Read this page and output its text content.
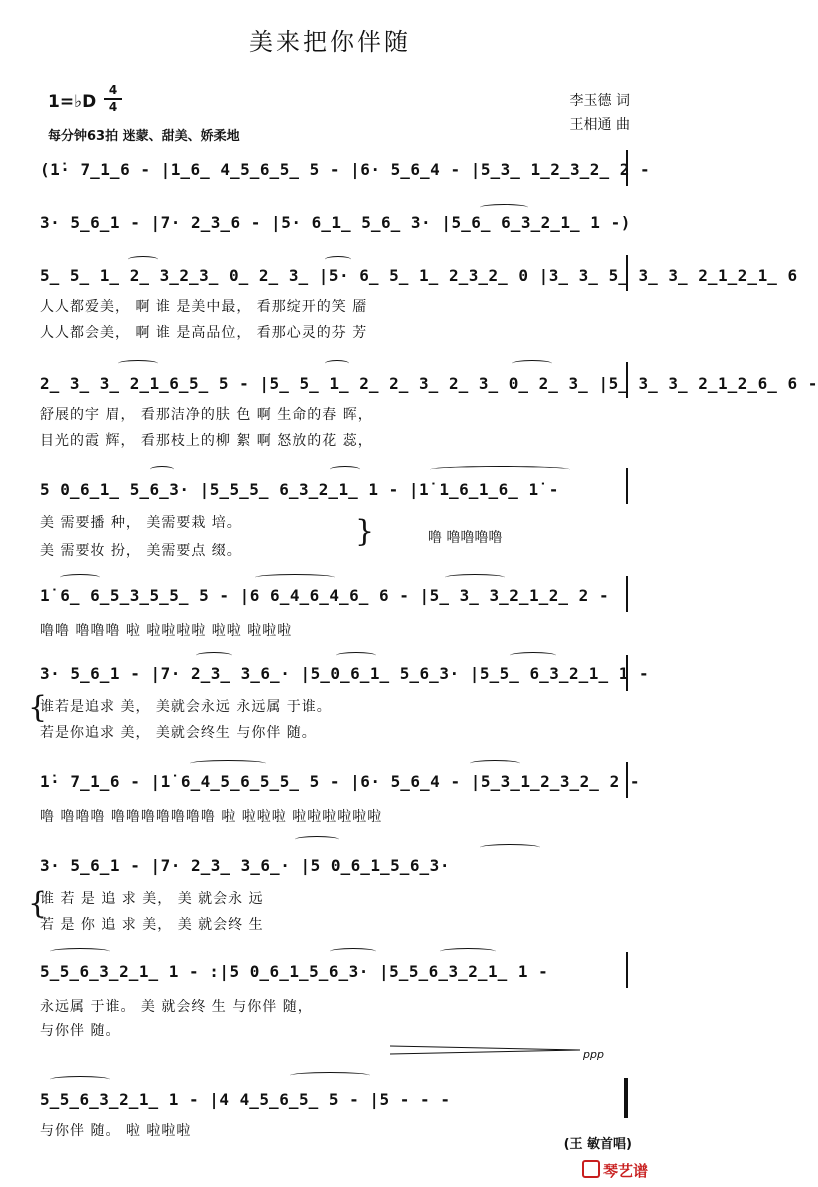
美来把你伴随
1=♭D
4
4
每分钟63拍 迷蒙、甜美、娇柔地
李玉德 词
王相通 曲
(1̇· 7̲1̲6 - |1̲6̲ 4̲5̲6̲5̲ 5 - |6· 5̲6̲4 - |5̲3̲ 1̲2̲3̲2̲ 2 -
3· 5̲6̲1 - |7· 2̲3̲6 - |5· 6̲1̲ 5̲6̲ 3· |5̲6̲ 6̲3̲2̲1̲ 1 -)
5̲ 5̲ 1̲ 2̲ 3̲2̲3̲ 0̲ 2̲ 3̲ |5· 6̲ 5̲ 1̲ 2̲3̲2̲ 0 |3̲ 3̲ 5̲ 3̲ 3̲ 2̲1̲2̲1̲ 6
人人都爱美， 啊 谁 是美中最， 看那绽开的笑 靥
人人都会美， 啊 谁 是高品位， 看那心灵的芬 芳
2̲ 3̲ 3̲ 2̲1̲6̲5̲ 5 - |5̲ 5̲ 1̲ 2̲ 2̲ 3̲ 2̲ 3̲ 0̲ 2̲ 3̲ |5̲ 3̲ 3̲ 2̲1̲2̲6̲ 6 -
舒展的宇 眉， 看那洁净的肤 色 啊 生命的春 晖，
目光的霞 辉， 看那枝上的柳 絮 啊 怒放的花 蕊，
5 0̲6̲1̲ 5̲6̲3· |5̲5̲5̲ 6̲3̲2̲1̲ 1 - |1̇ 1̲6̲1̲6̲ 1̇ -
美 需要播 种， 美需要栽 培。
美 需要妆 扮， 美需要点 缀。
}	噜 噜噜噜噜
1̇ 6̲ 6̲5̲3̲5̲5̲ 5 - |6 6̲4̲6̲4̲6̲ 6 - |5̲ 3̲ 3̲2̲1̲2̲ 2 -
噜噜 噜噜噜 啦 啦啦啦啦 啦啦 啦啦啦
3· 5̲6̲1 - |7· 2̲3̲ 3̲6̲· |5̲0̲6̲1̲ 5̲6̲3· |5̲5̲ 6̲3̲2̲1̲ 1 -
{
谁若是追求 美， 美就会永远 永远属 于谁。
若是你追求 美， 美就会终生 与你伴 随。
1̇· 7̲1̲6 - |1̇ 6̲4̲5̲6̲5̲5̲ 5 - |6· 5̲6̲4 - |5̲3̲1̲2̲3̲2̲ 2 -
噜 噜噜噜 噜噜噜噜噜噜噜 啦 啦啦啦 啦啦啦啦啦啦
3· 5̲6̲1 - |7· 2̲3̲ 3̲6̲· |5 0̲6̲1̲5̲6̲3·
{
谁 若 是 追 求 美， 美 就会永 远
若 是 你 追 求 美， 美 就会终 生
5̲5̲6̲3̲2̲1̲ 1 - :|5 0̲6̲1̲5̲6̲3· |5̲5̲6̲3̲2̲1̲ 1 -
永远属 于谁。 美 就会终 生 与你伴 随，
与你伴 随。
ppp
5̲5̲6̲3̲2̲1̲ 1 - |4 4̲5̲6̲5̲ 5 - |5 - - -
与你伴 随。 啦 啦啦啦
(王 敏首唱)
琴艺谱
